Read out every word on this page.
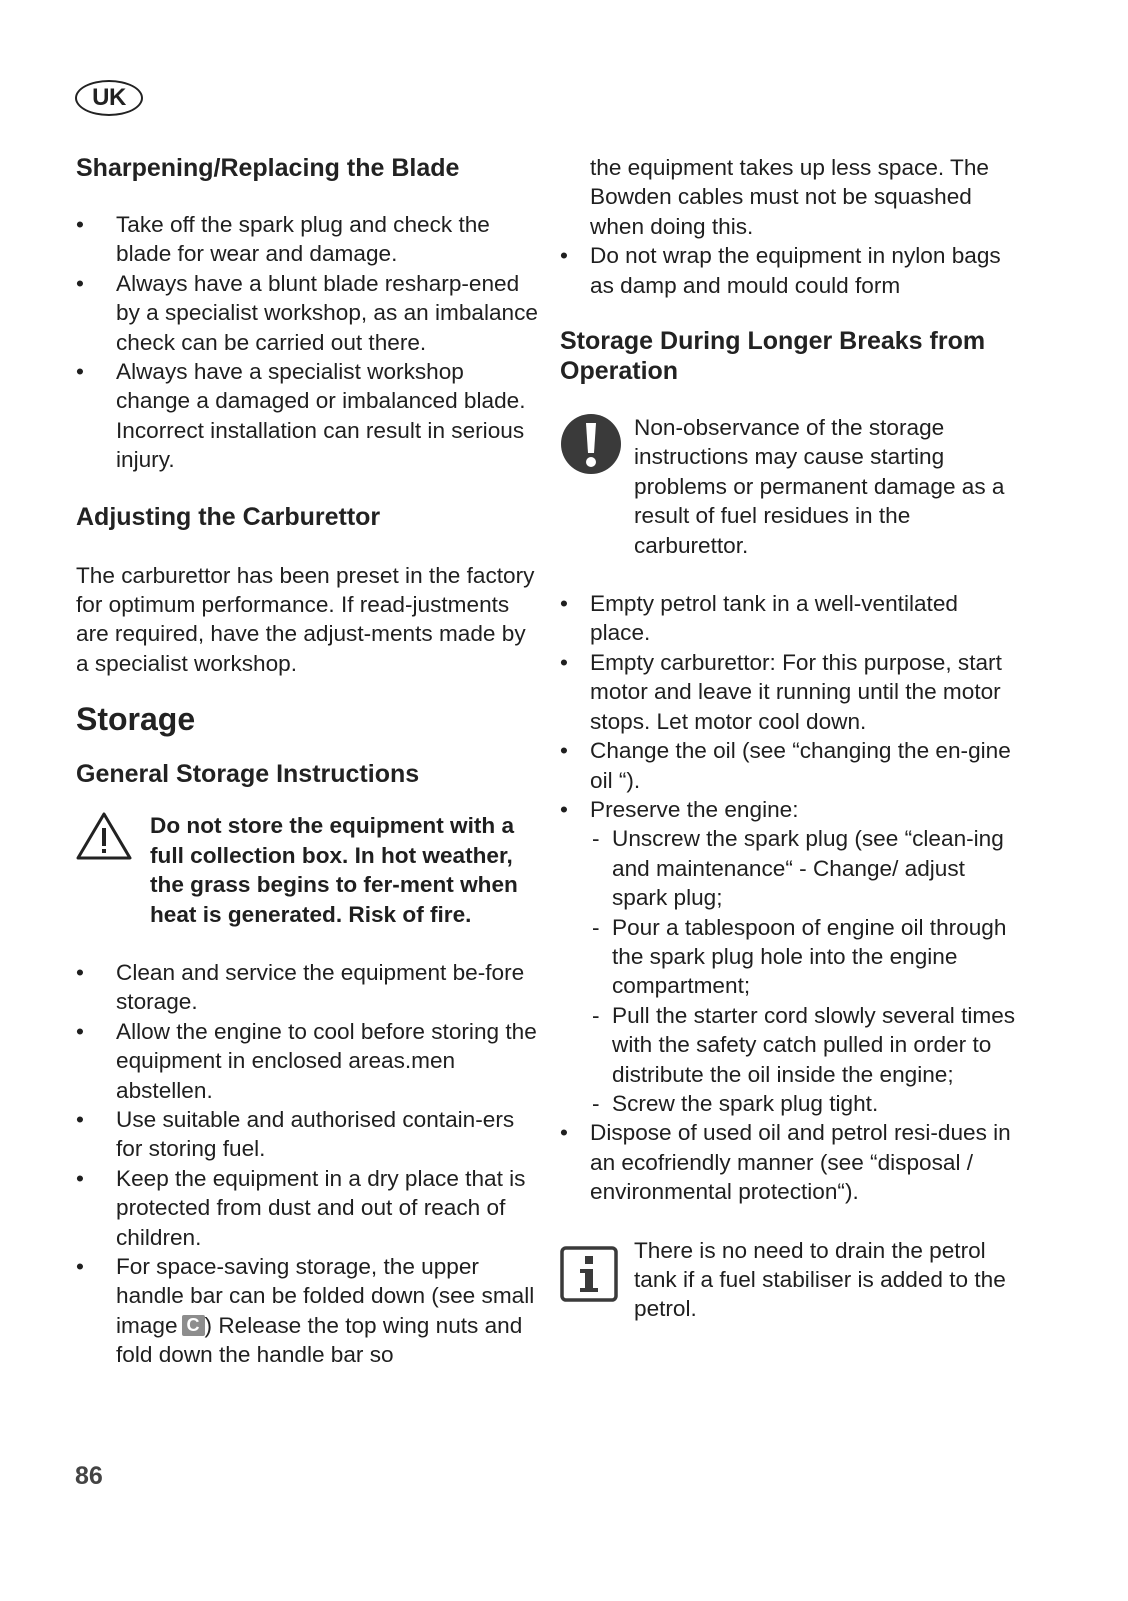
UK
Sharpening/Replacing the Blade
• Take off the spark plug and check the blade for wear and damage.
• Always have a blunt blade resharp-ened by a specialist workshop, as an imbalance check can be carried out there.
• Always have a specialist workshop change a damaged or imbalanced blade. Incorrect installation can result in serious injury.
Adjusting the Carburettor

The carburettor has been preset in the factory for optimum performance. If read-justments are required, have the adjust-ments made by a specialist workshop.

Storage
General Storage Instructions

Do not store the equipment with a full collection box. In hot weather, the grass begins to fer-ment when heat is generated. Risk of fire.

• Clean and service the equipment be-fore storage.
• Allow the engine to cool before storing the equipment in enclosed areas.men abstellen.
• Use suitable and authorised contain-ers for storing fuel.
• Keep the equipment in a dry place that is protected from dust and out of reach of children.
• For space-saving storage, the upper handle bar can be folded down (see small image C ) Release the top wing nuts and fold down the handle bar so

the equipment takes up less space. The Bowden cables must not be squashed when doing this.

• Do not wrap the equipment in nylon bags as damp and mould could form
Storage During Longer Breaks from Operation

Non-observance of the storage instructions may cause starting problems or permanent damage as a result of fuel residues in the carburettor.

• Empty petrol tank in a well-ventilated place.
• Empty carburettor: For this purpose, start motor and leave it running until the motor stops. Let motor cool down.
• Change the oil (see “changing the en-gine oil “).
• Preserve the engine:
- Unscrew the spark plug (see “clean-ing and maintenance“ - Change/ adjust spark plug;
- Pour a tablespoon of engine oil through the spark plug hole into the engine compartment;
- Pull the starter cord slowly several times with the safety catch pulled in order to distribute the oil inside the engine;
- Screw the spark plug tight.
• Dispose of used oil and petrol resi-dues in an ecofriendly manner (see “disposal / environmental protection“).

There is no need to drain the petrol tank if a fuel stabiliser is added to the petrol.

86
